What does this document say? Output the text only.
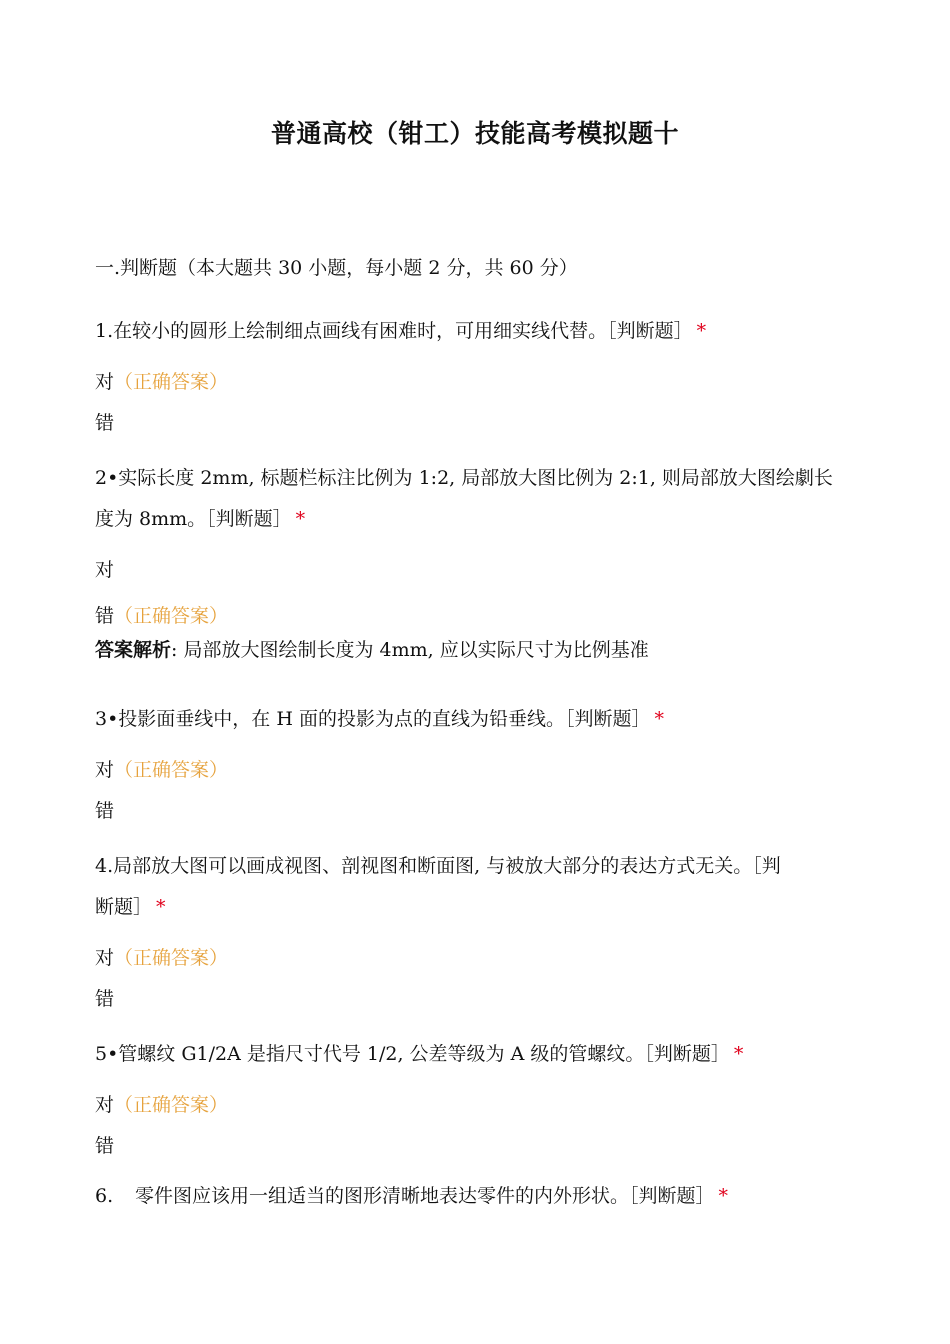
普通高校（钳工）技能高考模拟题十
一.判断题（本大题共 30 小题，每小题 2 分，共 60 分）
1.在较小的圆形上绘制细点画线有困难时，可用细实线代替。［判断题］ *
对（正确答案）
错
2•实际长度 2mm, 标题栏标注比例为 1:2, 局部放大图比例为 2:1, 则局部放大图绘劇长
度为 8mm。［判断题］ *
对
错（正确答案）
答案解析: 局部放大图绘制长度为 4mm, 应以实际尺寸为比例基准
3•投影面垂线中，在 H 面的投影为点的直线为铅垂线。［判断题］ *
对（正确答案）
错
4.局部放大图可以画成视图、剖视图和断面图, 与被放大部分的表达方式无关。［判
断题］ *
对（正确答案）
错
5•管螺纹 G1/2A 是指尺寸代号 1/2, 公差等级为 A 级的管螺纹。［判断题］ *
对（正确答案）
错
6. 零件图应该用一组适当的图形清晰地表达零件的内外形状。［判断题］ *
